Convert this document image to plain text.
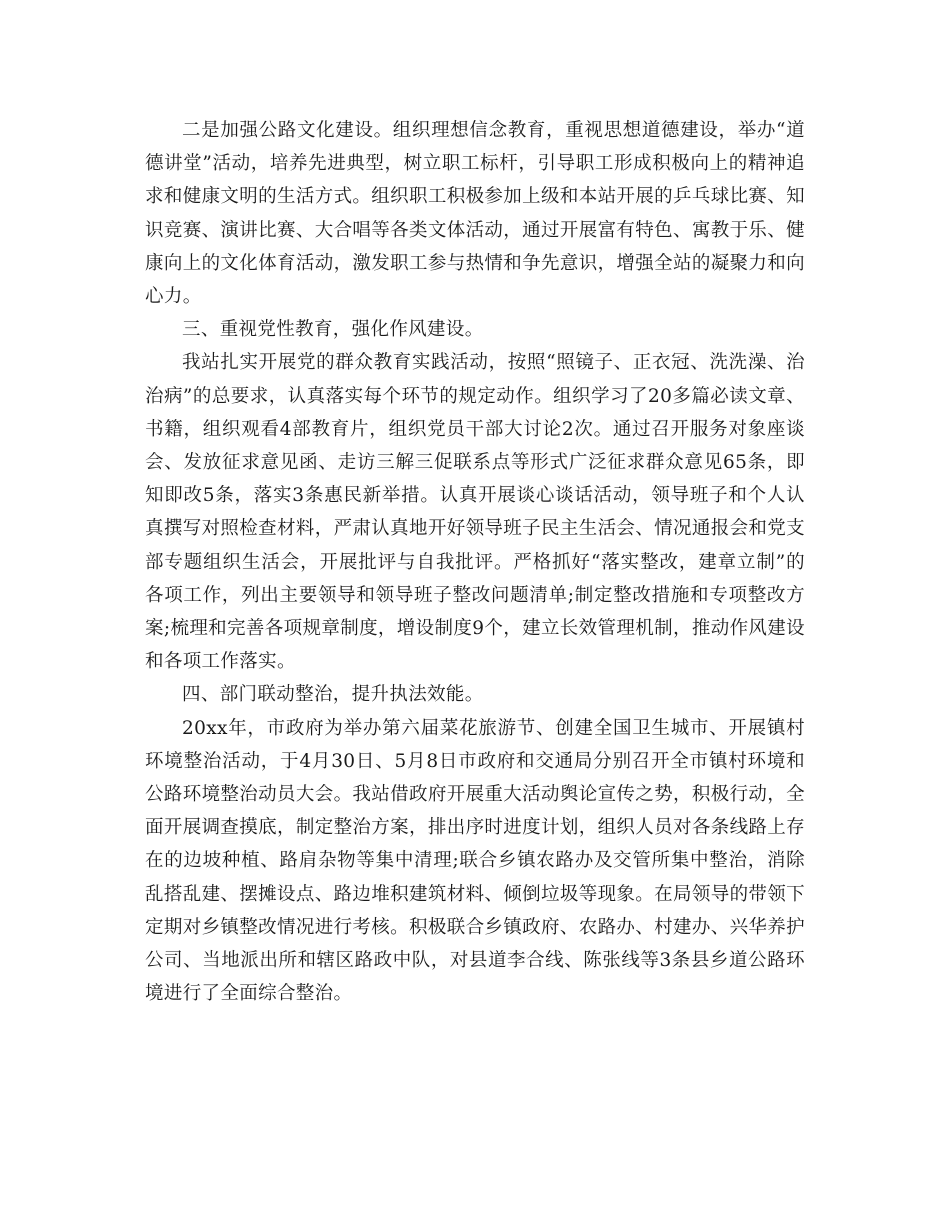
二是加强公路文化建设。组织理想信念教育，重视思想道德建设，举办“道德讲堂”活动，培养先进典型，树立职工标杆，引导职工形成积极向上的精神追求和健康文明的生活方式。组织职工积极参加上级和本站开展的乒乓球比赛、知识竞赛、演讲比赛、大合唱等各类文体活动，通过开展富有特色、寓教于乐、健康向上的文化体育活动，激发职工参与热情和争先意识，增强全站的凝聚力和向心力。

三、重视党性教育，强化作风建设。

我站扎实开展党的群众教育实践活动，按照“照镜子、正衣冠、洗洗澡、治治病”的总要求，认真落实每个环节的规定动作。组织学习了20多篇必读文章、书籍，组织观看4部教育片，组织党员干部大讨论2次。通过召开服务对象座谈会、发放征求意见函、走访三解三促联系点等形式广泛征求群众意见65条，即知即改5条，落实3条惠民新举措。认真开展谈心谈话活动，领导班子和个人认真撰写对照检查材料，严肃认真地开好领导班子民主生活会、情况通报会和党支部专题组织生活会，开展批评与自我批评。严格抓好“落实整改，建章立制”的各项工作，列出主要领导和领导班子整改问题清单;制定整改措施和专项整改方案;梳理和完善各项规章制度，增设制度9个，建立长效管理机制，推动作风建设和各项工作落实。

四、部门联动整治，提升执法效能。

20xx年，市政府为举办第六届菜花旅游节、创建全国卫生城市、开展镇村环境整治活动，于4月30日、5月8日市政府和交通局分别召开全市镇村环境和公路环境整治动员大会。我站借政府开展重大活动舆论宣传之势，积极行动，全面开展调查摸底，制定整治方案，排出序时进度计划，组织人员对各条线路上存在的边坡种植、路肩杂物等集中清理;联合乡镇农路办及交管所集中整治，消除乱搭乱建、摆摊设点、路边堆积建筑材料、倾倒垃圾等现象。在局领导的带领下定期对乡镇整改情况进行考核。积极联合乡镇政府、农路办、村建办、兴华养护公司、当地派出所和辖区路政中队，对县道李合线、陈张线等3条县乡道公路环境进行了全面综合整治。
